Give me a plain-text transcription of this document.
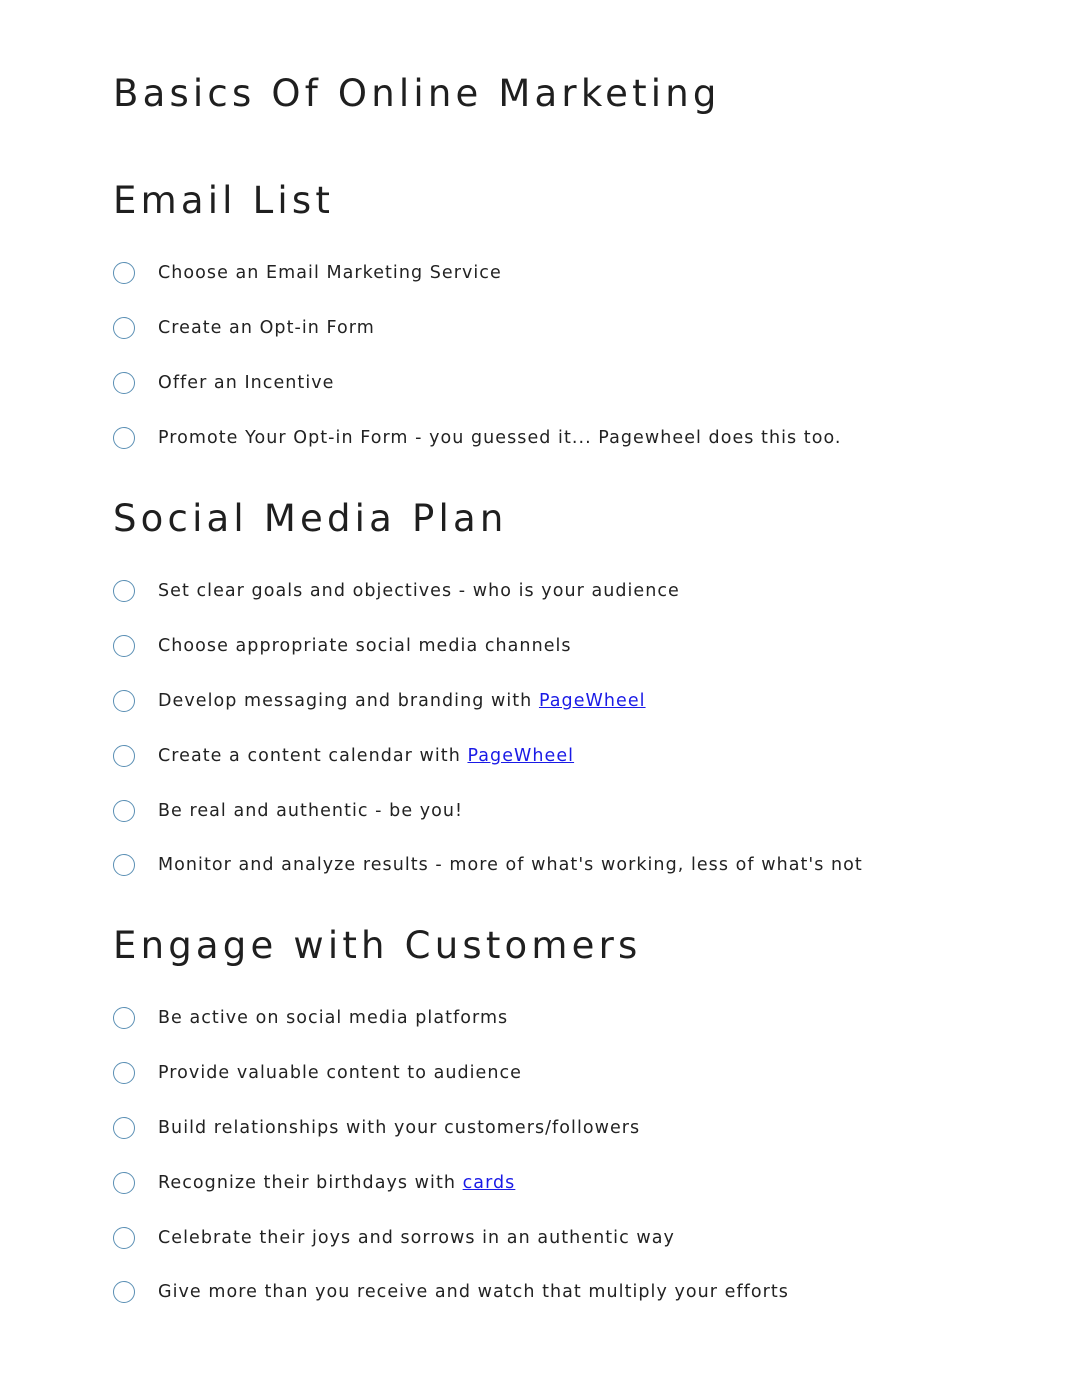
Basics Of Online Marketing
Email List
Choose an Email Marketing Service
Create an Opt-in Form
Offer an Incentive
Promote Your Opt-in Form - you guessed it... Pagewheel does this too.
Social Media Plan
Set clear goals and objectives - who is your audience
Choose appropriate social media channels
Develop messaging and branding with PageWheel
Create a content calendar with PageWheel
Be real and authentic - be you!
Monitor and analyze results - more of what's working, less of what's not
Engage with Customers
Be active on social media platforms
Provide valuable content to audience
Build relationships with your customers/followers
Recognize their birthdays with cards
Celebrate their joys and sorrows in an authentic way
Give more than you receive and watch that multiply your efforts
